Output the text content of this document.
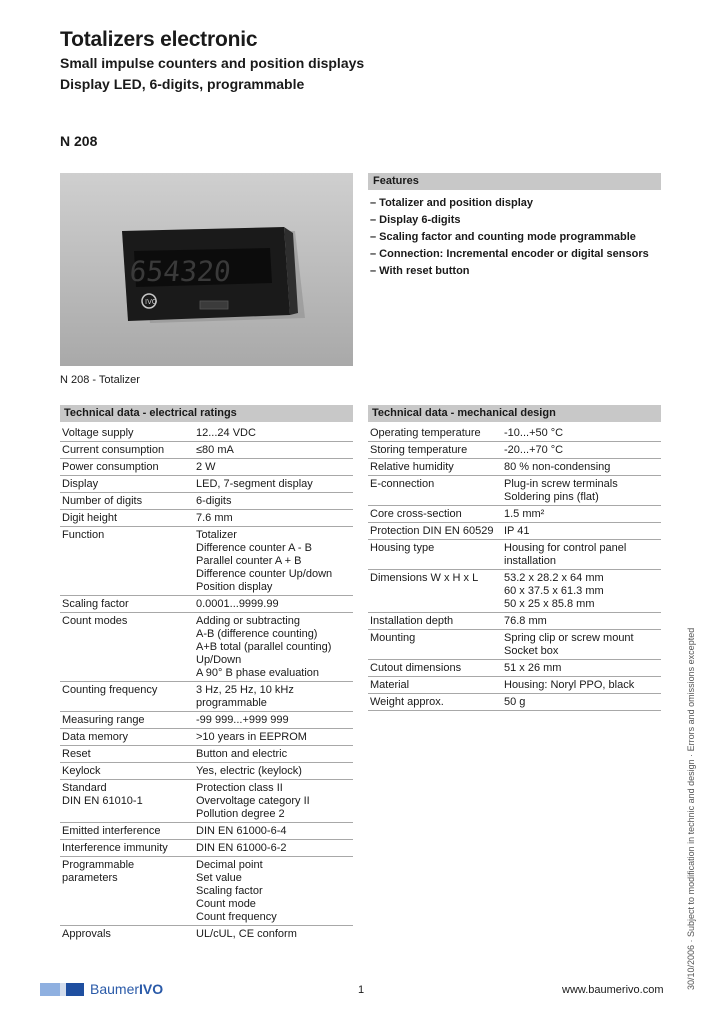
Totalizers electronic
Small impulse counters and position displays
Display LED, 6-digits, programmable
N 208
654320
IVO
N 208 - Totalizer
Features
– Totalizer and position display
– Display 6-digits
– Scaling factor and counting mode programmable
– Connection: Incremental encoder or digital sensors
– With reset button
Technical data - electrical ratings	Technical data - mechanical design
Voltage supply	12...24 VDC

Current consumption	≤80 mA

Power consumption	2 W

Display	LED, 7-segment display

Number of digits	6-digits

Digit height	7.6 mm

Function	Totalizer
Difference counter A - B
Parallel counter A + B
Difference counter Up/down
Position display

Scaling factor	0.0001...9999.99

Count modes	Adding or subtracting
A-B (difference counting)
A+B total (parallel counting)
Up/Down
A 90° B phase evaluation

Counting frequency	3 Hz, 25 Hz, 10 kHz
programmable

Measuring range	-99 999...+999 999

Data memory	>10 years in EEPROM

Reset	Button and electric

Keylock	Yes, electric (keylock)

Standard
DIN EN 61010-1	Protection class II
Overvoltage category II
Pollution degree 2

Emitted interference	DIN EN 61000-6-4

Interference immunity	DIN EN 61000-6-2

Programmable
parameters	Decimal point
Set value
Scaling factor
Count mode
Count frequency

Approvals	UL/cUL, CE conform
Operating temperature	-10...+50 °C

Storing temperature	-20...+70 °C

Relative humidity	80 % non-condensing

E-connection	Plug-in screw terminals
Soldering pins (flat)

Core cross-section	1.5 mm²

Protection DIN EN 60529	IP 41

Housing type	Housing for control panel
installation

Dimensions W x H x L	53.2 x 28.2 x 64 mm
60 x 37.5 x 61.3 mm
50 x 25 x 85.8 mm

Installation depth	76.8 mm

Mounting	Spring clip or screw mount
Socket box

Cutout dimensions	51 x 26 mm

Material	Housing: Noryl PPO, black

Weight approx.	50 g	30/10/2006 · Subject to modification in technic and design · Errors and omissions excepted
BaumerIVO	1	www.baumerivo.com
